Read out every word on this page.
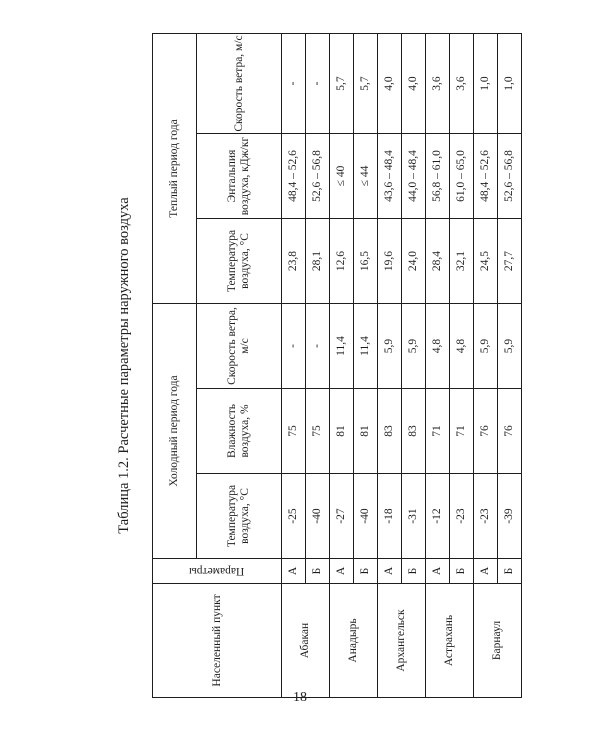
Таблица 1.2. Расчетные параметры наружного воздуха
Населенный пункт	Параметры	Холодный период года			Теплый период года		
		Температура воздуха, °С	Влажность воздуха, %	Скорость ветра, м/с	Температура воздуха, °С	Энтальпия воздуха, кДж/кг	Скорость ветра, м/с
Абакан	А	-25	75	-	23,8	48,4 – 52,6	-
	Б	-40	75	-	28,1	52,6 – 56,8	-
Анадырь	А	-27	81	11,4	12,6	≤ 40	5,7
	Б	-40	81	11,4	16,5	≤ 44	5,7
Архангельск	А	-18	83	5,9	19,6	43,6 – 48,4	4,0
	Б	-31	83	5,9	24,0	44,0 – 48,4	4,0
Астрахань	А	-12	71	4,8	28,4	56,8 – 61,0	3,6
	Б	-23	71	4,8	32,1	61,0 – 65,0	3,6
Барнаул	А	-23	76	5,9	24,5	48,4 – 52,6	1,0
	Б	-39	76	5,9	27,7	52,6 – 56,8	1,0
18
